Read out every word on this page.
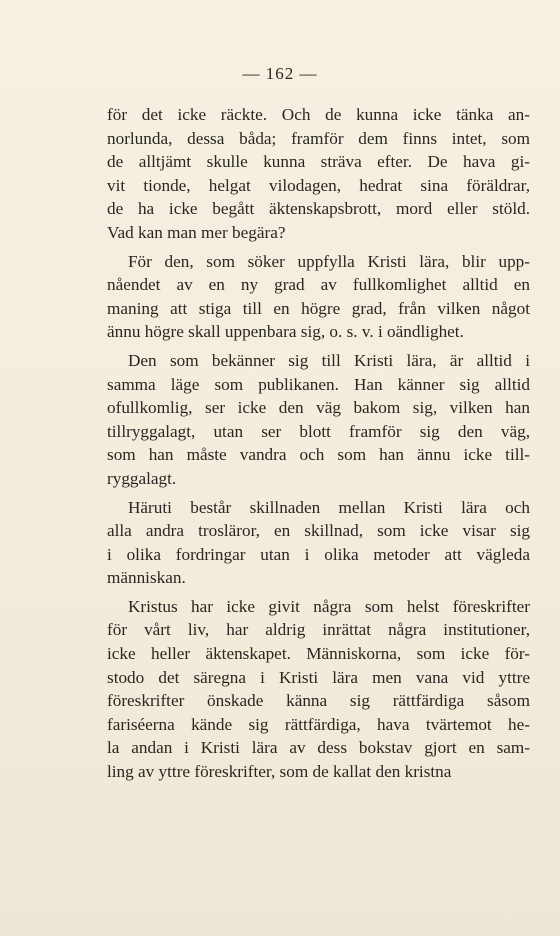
— 162 —
för det icke räckte. Och de kunna icke tänka an-
norlunda, dessa båda; framför dem finns intet, som
de alltjämt skulle kunna sträva efter. De hava gi-
vit tionde, helgat vilodagen, hedrat sina föräldrar,
de ha icke begått äktenskapsbrott, mord eller stöld.
Vad kan man mer begära?
För den, som söker uppfylla Kristi lära, blir upp-
nåendet av en ny grad av fullkomlighet alltid en
maning att stiga till en högre grad, från vilken något
ännu högre skall uppenbara sig, o. s. v. i oändlighet.
Den som bekänner sig till Kristi lära, är alltid i
samma läge som publikanen. Han känner sig alltid
ofullkomlig, ser icke den väg bakom sig, vilken han
tillryggalagt, utan ser blott framför sig den väg,
som han måste vandra och som han ännu icke till-
ryggalagt.
Häruti består skillnaden mellan Kristi lära och
alla andra trosläror, en skillnad, som icke visar sig
i olika fordringar utan i olika metoder att vägleda
människan.
Kristus har icke givit några som helst föreskrifter
för vårt liv, har aldrig inrättat några institutioner,
icke heller äktenskapet. Människorna, som icke för-
stodo det säregna i Kristi lära men vana vid yttre
föreskrifter önskade känna sig rättfärdiga såsom
fariséerna kände sig rättfärdiga, hava tvärtemot he-
la andan i Kristi lära av dess bokstav gjort en sam-
ling av yttre föreskrifter, som de kallat den kristna
